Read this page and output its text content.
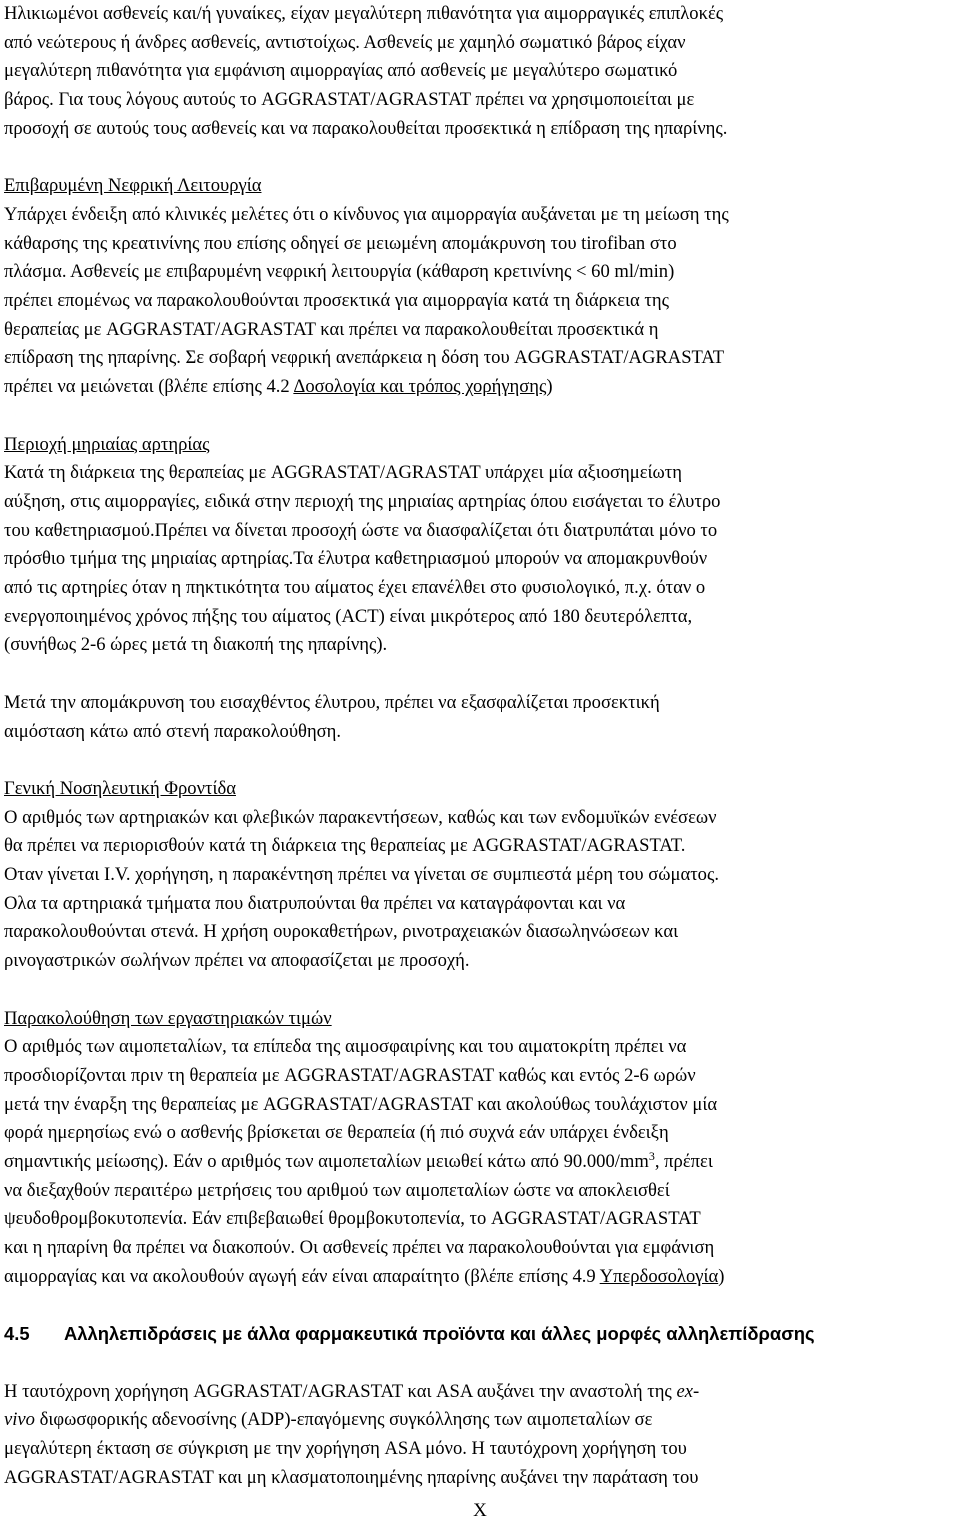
Ηλικιωμένοι ασθενείς και/ή γυναίκες, είχαν μεγαλύτερη πιθανότητα για αιμορραγικές επιπλοκές

από νεώτερους ή άνδρες ασθενείς, αντιστοίχως. Ασθενείς με χαμηλό σωματικό βάρος είχαν

μεγαλύτερη πιθανότητα για εμφάνιση αιμορραγίας από ασθενείς με μεγαλύτερο σωματικό

βάρος. Για τους λόγους αυτούς το AGGRASTAT/AGRASTAT πρέπει να χρησιμοποιείται με

προσοχή σε αυτούς τους ασθενείς και να παρακολουθείται προσεκτικά η επίδραση της ηπαρίνης.

Επιβαρυμένη Νεφρική Λειτουργία

Υπάρχει ένδειξη από κλινικές μελέτες ότι ο κίνδυνος για αιμορραγία αυξάνεται με τη μείωση της

κάθαρσης της κρεατινίνης που επίσης οδηγεί σε μειωμένη απομάκρυνση του tirofiban στο

πλάσμα. Ασθενείς με επιβαρυμένη νεφρική λειτουργία (κάθαρση κρετινίνης < 60 ml/min)

πρέπει επομένως να παρακολουθούνται προσεκτικά για αιμορραγία κατά τη διάρκεια της

θεραπείας με AGGRASTAT/AGRASTAT και πρέπει να παρακολουθείται προσεκτικά η

επίδραση της ηπαρίνης. Σε σοβαρή νεφρική ανεπάρκεια η δόση του AGGRASTAT/AGRASTAT

πρέπει να μειώνεται (βλέπε επίσης 4.2 Δοσολογία και τρόπος χορήγησης)

Περιοχή μηριαίας αρτηρίας

Κατά τη διάρκεια της θεραπείας με AGGRASTAT/AGRASTAT υπάρχει μία αξιοσημείωτη

αύξηση, στις αιμορραγίες, ειδικά στην περιοχή της μηριαίας αρτηρίας όπου εισάγεται το έλυτρο

του καθετηριασμού.Πρέπει να δίνεται προσοχή ώστε να διασφαλίζεται ότι διατρυπάται μόνο το

πρόσθιο τμήμα της μηριαίας αρτηρίας.Τα έλυτρα καθετηριασμού μπορούν να απομακρυνθούν

από τις αρτηρίες όταν η πηκτικότητα του αίματος έχει επανέλθει στο φυσιολογικό, π.χ. όταν ο

ενεργοποιημένος χρόνος πήξης του αίματος (ACT) είναι μικρότερος από 180 δευτερόλεπτα,

(συνήθως 2-6 ώρες μετά τη διακοπή της ηπαρίνης).

Μετά την απομάκρυνση του εισαχθέντος έλυτρου, πρέπει να εξασφαλίζεται προσεκτική

αιμόσταση κάτω από στενή παρακολούθηση.

Γενική Νοσηλευτική Φροντίδα

Ο αριθμός των αρτηριακών και φλεβικών παρακεντήσεων, καθώς και των ενδομυϊκών ενέσεων

θα πρέπει να περιορισθούν κατά τη διάρκεια της θεραπείας με AGGRASTAT/AGRASTAT.

Οταν γίνεται I.V. χορήγηση, η παρακέντηση πρέπει να γίνεται σε συμπιεστά μέρη του σώματος.

Ολα τα αρτηριακά τμήματα που διατρυπούνται θα πρέπει να καταγράφονται και να

παρακολουθούνται στενά. Η χρήση ουροκαθετήρων, ρινοτραχειακών διασωληνώσεων και

ρινογαστρικών σωλήνων πρέπει να αποφασίζεται με προσοχή.

Παρακολούθηση των εργαστηριακών τιμών

Ο αριθμός των αιμοπεταλίων, τα επίπεδα της αιμοσφαιρίνης και του αιματοκρίτη πρέπει να

προσδιορίζονται πριν τη θεραπεία με AGGRASTAT/AGRASTAT καθώς και εντός 2-6 ωρών

μετά την έναρξη της θεραπείας με AGGRASTAT/AGRASTAT και ακολούθως τουλάχιστον μία

φορά ημερησίως ενώ ο ασθενής βρίσκεται σε θεραπεία (ή πιό συχνά εάν υπάρχει ένδειξη

σημαντικής μείωσης). Εάν ο αριθμός των αιμοπεταλίων μειωθεί κάτω από $90.000/mm^3$, πρέπει

να διεξαχθούν περαιτέρω μετρήσεις του αριθμού των αιμοπεταλίων ώστε να αποκλεισθεί

ψευδοθρομβοκυτοπενία. Εάν επιβεβαιωθεί θρομβοκυτοπενία, το AGGRASTAT/AGRASTAT

και η ηπαρίνη θα πρέπει να διακοπούν. Οι ασθενείς πρέπει να παρακολουθούνται για εμφάνιση

αιμορραγίας και να ακολουθούν αγωγή εάν είναι απαραίτητο (βλέπε επίσης 4.9 Υπερδοσολογία)

4.5	Αλληλεπιδράσεις με άλλα φαρμακευτικά προϊόντα και άλλες μορφές αλληλεπίδρασης

Η ταυτόχρονη χορήγηση AGGRASTAT/AGRASTAT και ASA αυξάνει την αναστολή της ex-

vivo διφωσφορικής αδενοσίνης (ADP)-επαγόμενης συγκόλλησης των αιμοπεταλίων σε

μεγαλύτερη έκταση σε σύγκριση με την χορήγηση ASA μόνο. Η ταυτόχρονη χορήγηση του

AGGRASTAT/AGRASTAT και μη κλασματοποιημένης ηπαρίνης αυξάνει την παράταση του

X
